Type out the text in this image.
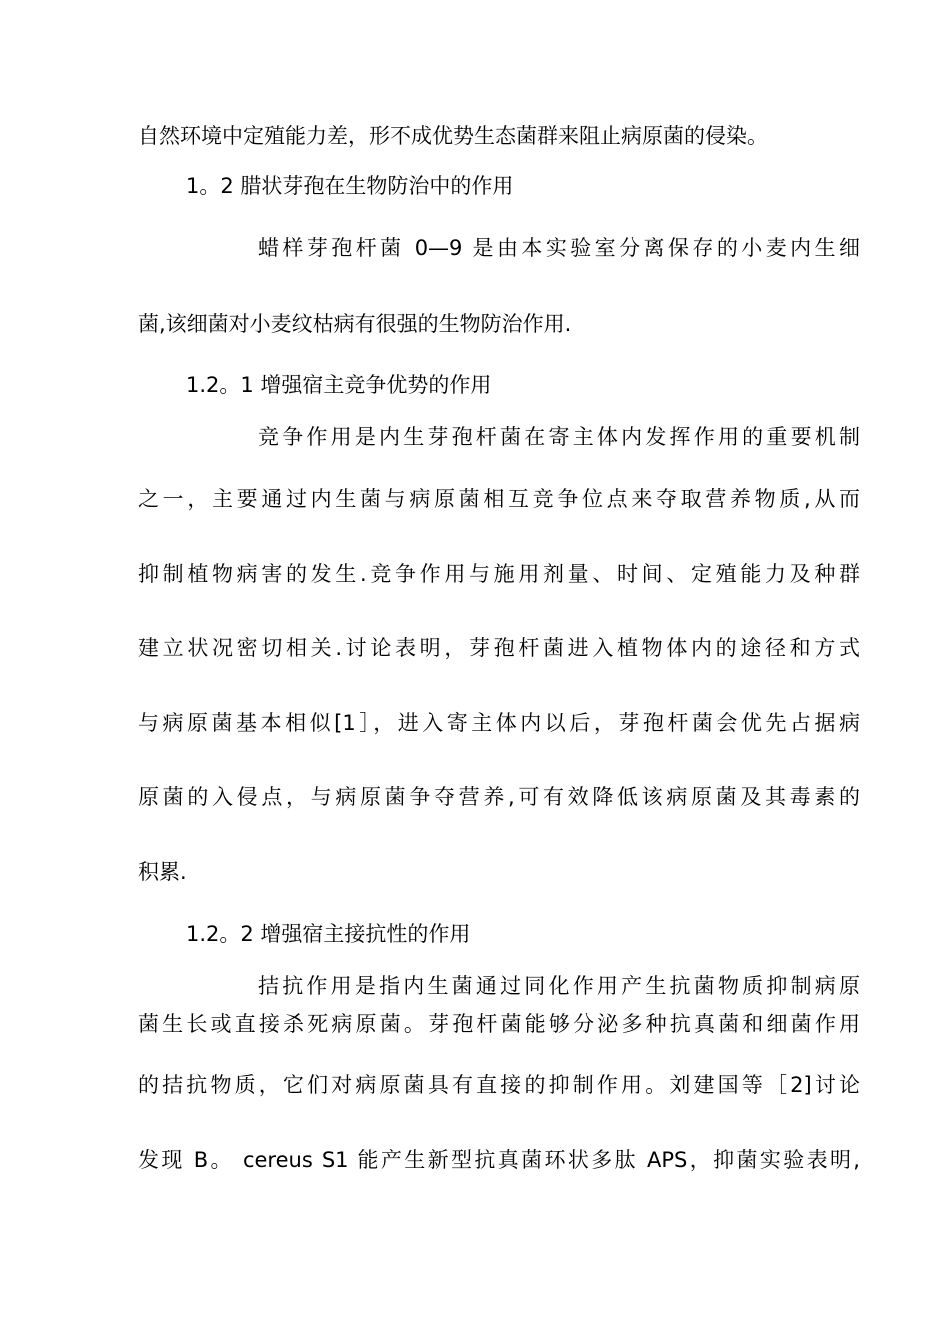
自然环境中定殖能力差，形不成优势生态菌群来阻止病原菌的侵染。
1。2 腊状芽孢在生物防治中的作用
蜡样芽孢杆菌 0—9 是由本实验室分离保存的小麦内生细
菌,该细菌对小麦纹枯病有很强的生物防治作用.
1.2。1 增强宿主竞争优势的作用
竞争作用是内生芽孢杆菌在寄主体内发挥作用的重要机制
之一，主要通过内生菌与病原菌相互竞争位点来夺取营养物质,从而
抑制植物病害的发生.竞争作用与施用剂量、时间、定殖能力及种群
建立状况密切相关.讨论表明，芽孢杆菌进入植物体内的途径和方式
与病原菌基本相似[1］，进入寄主体内以后，芽孢杆菌会优先占据病
原菌的入侵点，与病原菌争夺营养,可有效降低该病原菌及其毒素的
积累.
1.2。2 增强宿主接抗性的作用
拮抗作用是指内生菌通过同化作用产生抗菌物质抑制病原
菌生长或直接杀死病原菌。芽孢杆菌能够分泌多种抗真菌和细菌作用
的拮抗物质，它们对病原菌具有直接的抑制作用。刘建国等［2]讨论
发现 B。 cereus S1 能产生新型抗真菌环状多肽 APS，抑菌实验表明,
